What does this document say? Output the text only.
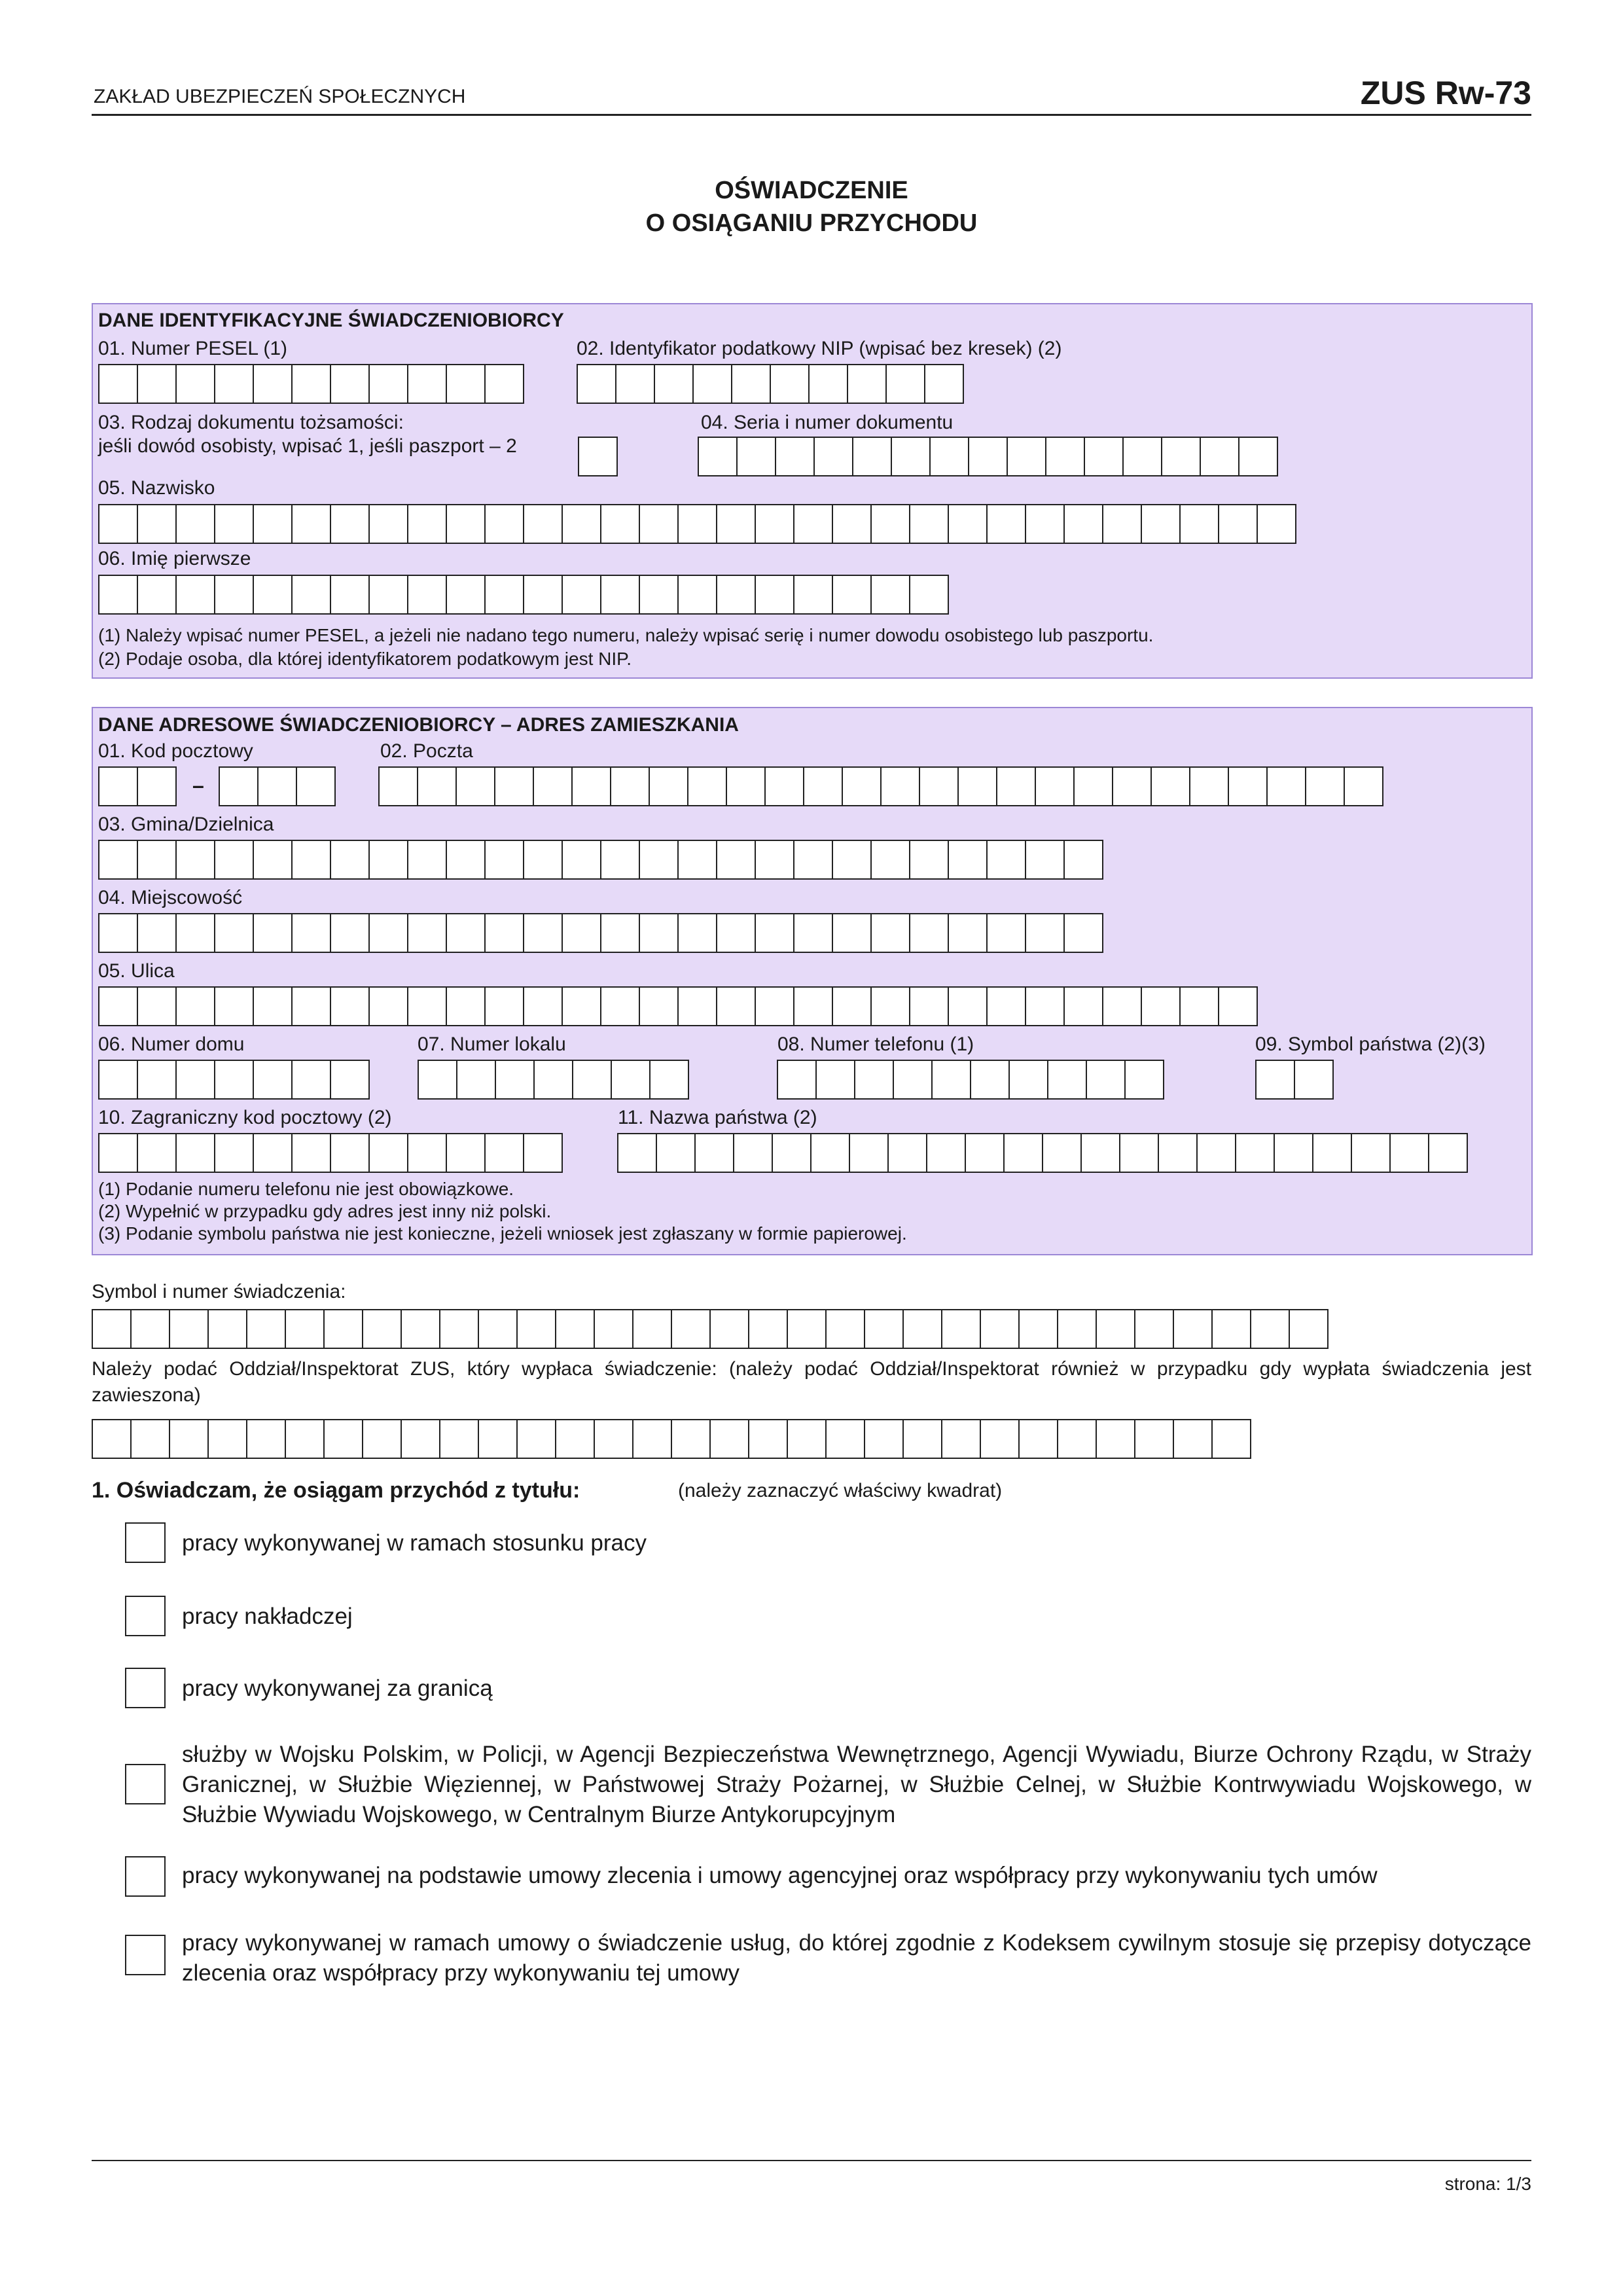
ZAKŁAD UBEZPIECZEŃ SPOŁECZNYCH	ZUS Rw-73
OŚWIADCZENIE
O OSIĄGANIU PRZYCHODU
DANE IDENTYFIKACYJNE ŚWIADCZENIOBIORCY
01. Numer PESEL (1)	02. Identyfikator podatkowy NIP (wpisać bez kresek) (2)
03. Rodzaj dokumentu tożsamości:
jeśli dowód osobisty, wpisać 1, jeśli paszport – 2
04. Seria i numer dokumentu
05. Nazwisko
06. Imię pierwsze
(1) Należy wpisać numer PESEL, a jeżeli nie nadano tego numeru, należy wpisać serię i numer dowodu osobistego lub paszportu.
(2) Podaje osoba, dla której identyfikatorem podatkowym jest NIP.
DANE ADRESOWE ŚWIADCZENIOBIORCY – ADRES ZAMIESZKANIA
01. Kod pocztowy	02. Poczta
–
03. Gmina/Dzielnica
04. Miejscowość
05. Ulica
06. Numer domu	07. Numer lokalu	08. Numer telefonu (1)	09. Symbol państwa (2)(3)
10. Zagraniczny kod pocztowy (2)	11. Nazwa państwa (2)
(1) Podanie numeru telefonu nie jest obowiązkowe.
(2) Wypełnić w przypadku gdy adres jest inny niż polski.
(3) Podanie symbolu państwa nie jest konieczne, jeżeli wniosek jest zgłaszany w formie papierowej.
Symbol i numer świadczenia:
Należy podać Oddział/Inspektorat ZUS, który wypłaca świadczenie: (należy podać Oddział/Inspektorat również w przypadku gdy wypłata świadczenia jest zawieszona)
1. Oświadczam, że osiągam przychód z tytułu:	(należy zaznaczyć właściwy kwadrat)
pracy wykonywanej w ramach stosunku pracy
pracy nakładczej
pracy wykonywanej za granicą
służby w Wojsku Polskim, w Policji, w Agencji Bezpieczeństwa Wewnętrznego, Agencji Wywiadu, Biurze Ochrony Rządu, w Straży Granicznej, w Służbie Więziennej, w Państwowej Straży Pożarnej, w Służbie Celnej, w Służbie Kontrwywiadu Wojskowego, w Służbie Wywiadu Wojskowego, w Centralnym Biurze Antykorupcyjnym
pracy wykonywanej na podstawie umowy zlecenia i umowy agencyjnej oraz współpracy przy wykonywaniu tych umów
pracy wykonywanej w ramach umowy o świadczenie usług, do której zgodnie z Kodeksem cywilnym stosuje się przepisy dotyczące zlecenia oraz współpracy przy wykonywaniu tej umowy
strona: 1/3
